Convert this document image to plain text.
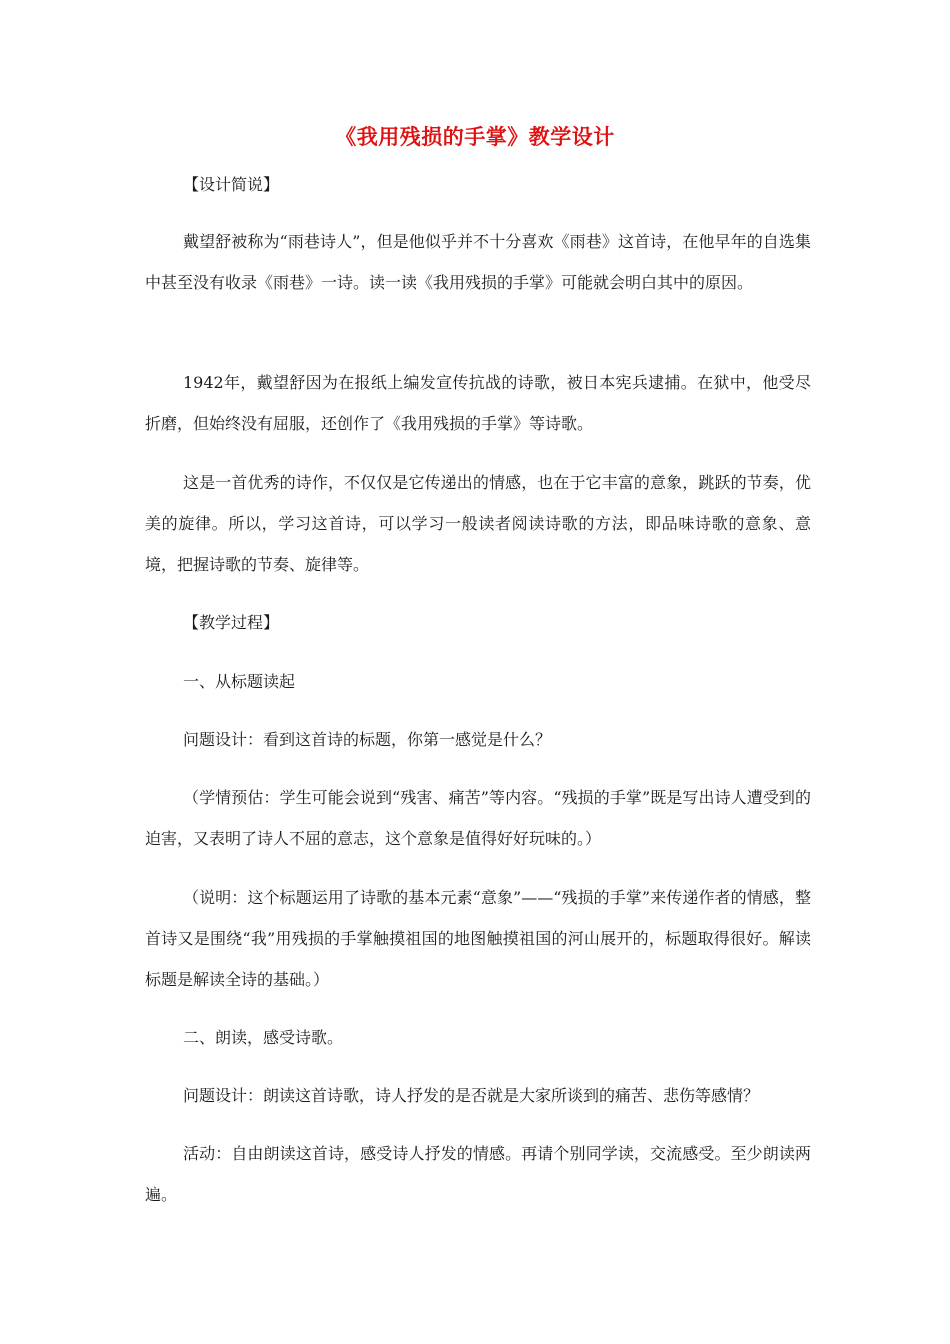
《我用残损的手掌》教学设计
【设计简说】
戴望舒被称为“雨巷诗人”，但是他似乎并不十分喜欢《雨巷》这首诗，在他早年的自选集中甚至没有收录《雨巷》一诗。读一读《我用残损的手掌》可能就会明白其中的原因。
1942年，戴望舒因为在报纸上编发宣传抗战的诗歌，被日本宪兵逮捕。在狱中，他受尽折磨，但始终没有屈服，还创作了《我用残损的手掌》等诗歌。
这是一首优秀的诗作，不仅仅是它传递出的情感，也在于它丰富的意象，跳跃的节奏，优美的旋律。所以，学习这首诗，可以学习一般读者阅读诗歌的方法，即品味诗歌的意象、意境，把握诗歌的节奏、旋律等。
【教学过程】
一、从标题读起
问题设计：看到这首诗的标题，你第一感觉是什么？
（学情预估：学生可能会说到“残害、痛苦”等内容。“残损的手掌”既是写出诗人遭受到的迫害，又表明了诗人不屈的意志，这个意象是值得好好玩味的。）
（说明：这个标题运用了诗歌的基本元素“意象”——“残损的手掌”来传递作者的情感，整首诗又是围绕“我”用残损的手掌触摸祖国的地图触摸祖国的河山展开的，标题取得很好。解读标题是解读全诗的基础。）
二、朗读，感受诗歌。
问题设计：朗读这首诗歌，诗人抒发的是否就是大家所谈到的痛苦、悲伤等感情？
活动：自由朗读这首诗，感受诗人抒发的情感。再请个别同学读，交流感受。至少朗读两遍。
